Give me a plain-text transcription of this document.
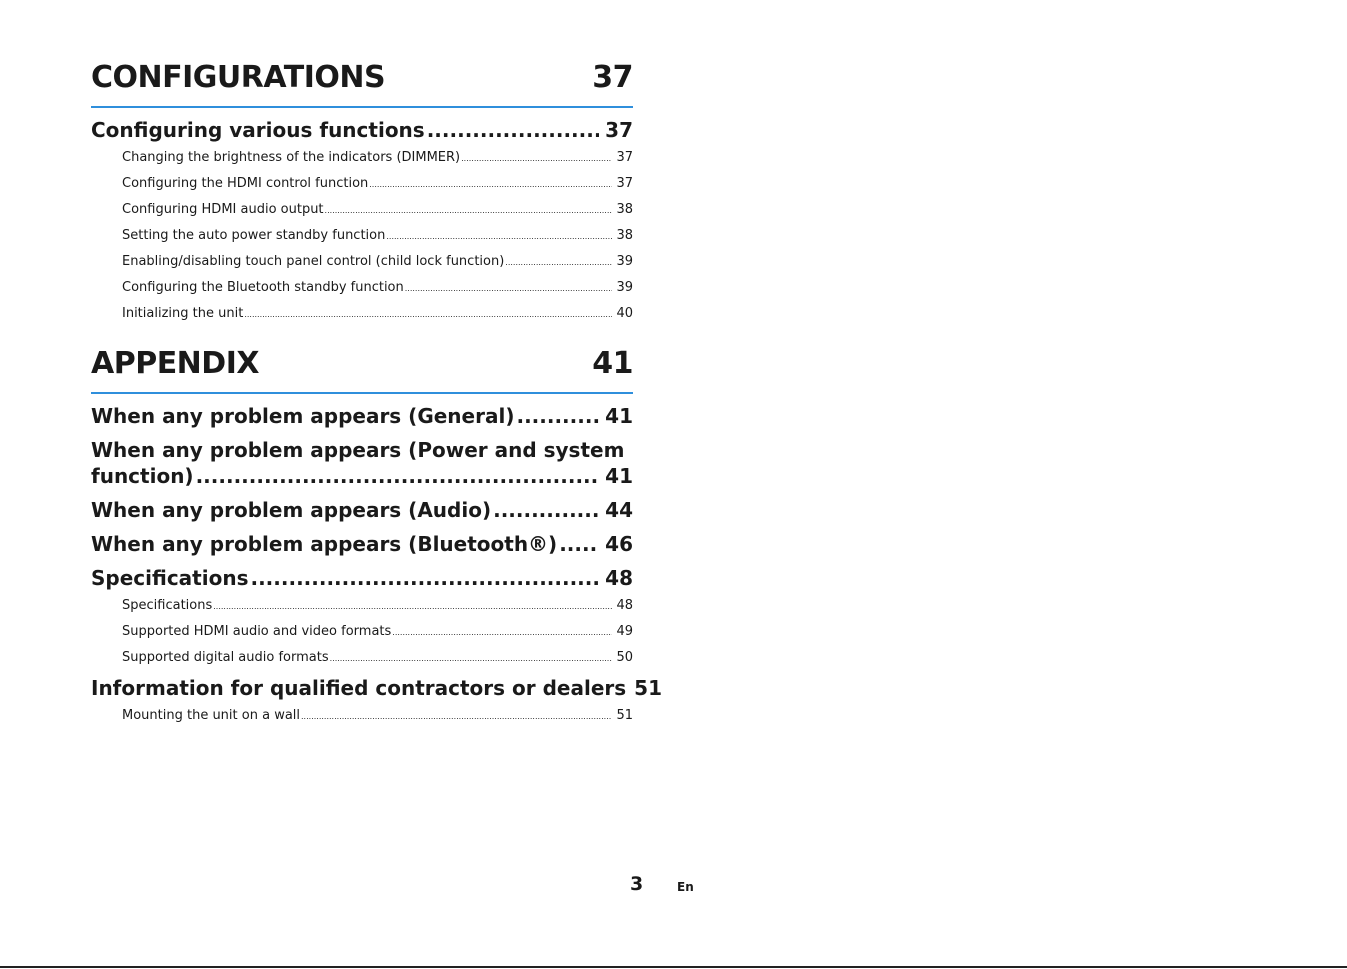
CONFIGURATIONS	37
Configuring various functions .....	37
Changing the brightness of the indicators (DIMMER) .....	37
Configuring the HDMI control function .....	37
Configuring HDMI audio output .....	38
Setting the auto power standby function .....	38
Enabling/disabling touch panel control (child lock function) .....	39
Configuring the Bluetooth standby function .....	39
Initializing the unit .....	40
APPENDIX	41
When any problem appears (General) .....	41
When any problem appears (Power and system
function) .....	41
When any problem appears (Audio) .....	44
When any problem appears (Bluetooth®) ..... 46
Specifications .....	48
Specifications .....	48
Supported HDMI audio and video formats .....	49
Supported digital audio formats .....	50
Information for qualified contractors or dealers 51
Mounting the unit on a wall .....	51
3	En
